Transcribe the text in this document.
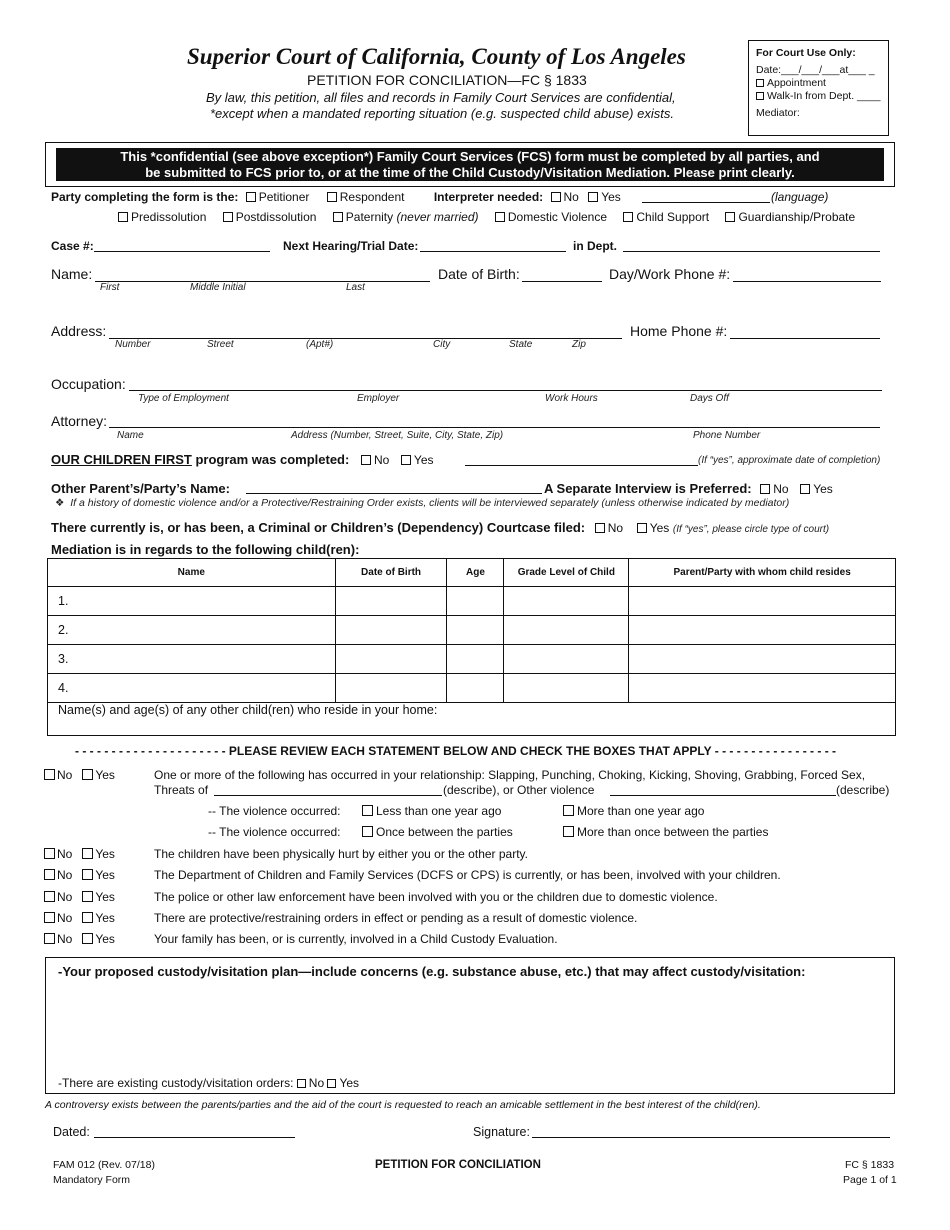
Superior Court of California, County of Los Angeles
PETITION FOR CONCILIATION—FC § 1833
By law, this petition, all files and records in Family Court Services are confidential,
*except when a mandated reporting situation (e.g. suspected child abuse) exists.
For Court Use Only:
Date:___/___/___at___ _
Appointment
Walk-In from Dept. ____
Mediator:
This *confidential (see above exception*) Family Court Services (FCS) form must be completed by all parties, and
be submitted to FCS prior to, or at the time of the Child Custody/Visitation Mediation. Please print clearly.
Party completing the form is the: Petitioner	Respondent Interpreter needed: No Yes	(language)
Predissolution Postdissolution Paternity (never married) Domestic Violence Child Support Guardianship/Probate
Case #:	Next Hearing/Trial Date:	in Dept.
Name:	Date of Birth:	Day/Work Phone #:
First	Middle Initial	Last
Address:	Home Phone #:
Number	Street	(Apt#)	City	State	Zip
Occupation:
Type of Employment	Employer	Work Hours	Days Off
Attorney:
Name	Address (Number, Street, Suite, City, State, Zip)	Phone Number
OUR CHILDREN FIRST program was completed: No Yes	(If “yes”, approximate date of completion)
Other Parent’s/Party’s Name:	A Separate Interview is Preferred: No Yes
❖ If a history of domestic violence and/or a Protective/Restraining Order exists, clients will be interviewed separately (unless otherwise indicated by mediator)
There currently is, or has been, a Criminal or Children’s (Dependency) Courtcase filed: No Yes (If “yes”, please circle type of court)
Mediation is in regards to the following child(ren):
Name	Date of Birth	Age	Grade Level of Child	Parent/Party with whom child resides
1.				
2.				
3.				
4.				
Name(s) and age(s) of any other child(ren) who reside in your home:
- - - - - - - - - - - - - - - - - - - - - PLEASE REVIEW EACH STATEMENT BELOW AND CHECK THE BOXES THAT APPLY - - - - - - - - - - - - - - - - -
No Yes	One or more of the following has occurred in your relationship: Slapping, Punching, Choking, Kicking, Shoving, Grabbing, Forced Sex,
Threats of	(describe), or Other violence	(describe)
-- The violence occurred:	Less than one year ago	More than one year ago
-- The violence occurred:	Once between the parties	More than once between the parties
No Yes	The children have been physically hurt by either you or the other party.
No Yes	The Department of Children and Family Services (DCFS or CPS) is currently, or has been, involved with your children.
No Yes	The police or other law enforcement have been involved with you or the children due to domestic violence.
No Yes	There are protective/restraining orders in effect or pending as a result of domestic violence.
No Yes	Your family has been, or is currently, involved in a Child Custody Evaluation.
-Your proposed custody/visitation plan—include concerns (e.g. substance abuse, etc.) that may affect custody/visitation:
-There are existing custody/visitation orders: No Yes
A controversy exists between the parents/parties and the aid of the court is requested to reach an amicable settlement in the best interest of the child(ren).
Dated:	Signature:
FAM 012 (Rev. 07/18)
Mandatory Form
PETITION FOR CONCILIATION	FC § 1833
Page 1 of 1
